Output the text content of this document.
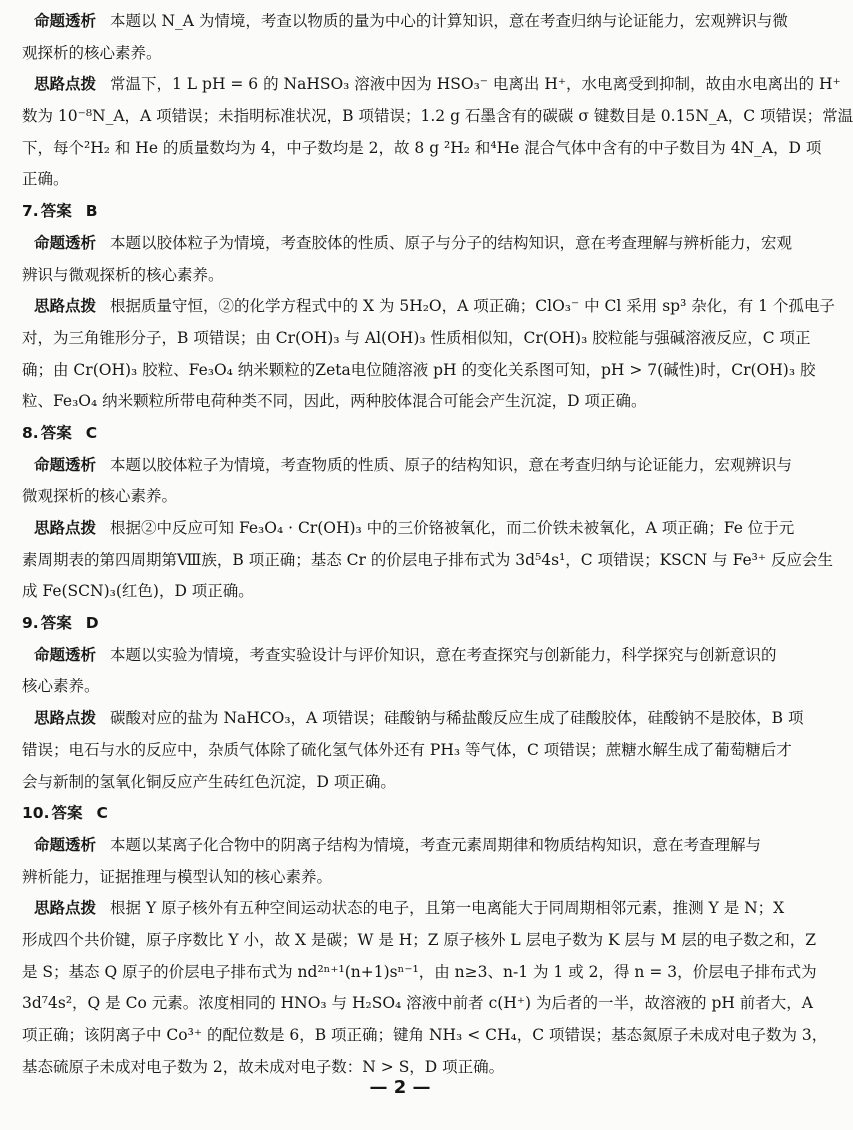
命题透析 本题以 N_A 为情境，考查以物质的量为中心的计算知识，意在考查归纳与论证能力，宏观辨识与微
观探析的核心素养。
思路点拨 常温下，1 L pH = 6 的 NaHSO₃ 溶液中因为 HSO₃⁻ 电离出 H⁺，水电离受到抑制，故由水电离出的 H⁺
数为 10⁻⁸N_A，A 项错误；未指明标准状况，B 项错误；1.2 g 石墨含有的碳碳 σ 键数目是 0.15N_A，C 项错误；常温
下，每个²H₂ 和 He 的质量数均为 4，中子数均是 2，故 8 g ²H₂ 和⁴He 混合气体中含有的中子数目为 4N_A，D 项
正确。
7. 答案 B
命题透析 本题以胶体粒子为情境，考查胶体的性质、原子与分子的结构知识，意在考查理解与辨析能力，宏观
辨识与微观探析的核心素养。
思路点拨 根据质量守恒，②的化学方程式中的 X 为 5H₂O，A 项正确；ClO₃⁻ 中 Cl 采用 sp³ 杂化，有 1 个孤电子
对，为三角锥形分子，B 项错误；由 Cr(OH)₃ 与 Al(OH)₃ 性质相似知，Cr(OH)₃ 胶粒能与强碱溶液反应，C 项正
确；由 Cr(OH)₃ 胶粒、Fe₃O₄ 纳米颗粒的Zeta电位随溶液 pH 的变化关系图可知，pH > 7(碱性)时，Cr(OH)₃ 胶
粒、Fe₃O₄ 纳米颗粒所带电荷种类不同，因此，两种胶体混合可能会产生沉淀，D 项正确。
8. 答案 C
命题透析 本题以胶体粒子为情境，考查物质的性质、原子的结构知识，意在考查归纳与论证能力，宏观辨识与
微观探析的核心素养。
思路点拨 根据②中反应可知 Fe₃O₄ · Cr(OH)₃ 中的三价铬被氧化，而二价铁未被氧化，A 项正确；Fe 位于元
素周期表的第四周期第Ⅷ族，B 项正确；基态 Cr 的价层电子排布式为 3d⁵4s¹，C 项错误；KSCN 与 Fe³⁺ 反应会生
成 Fe(SCN)₃(红色)，D 项正确。
9. 答案 D
命题透析 本题以实验为情境，考查实验设计与评价知识，意在考查探究与创新能力，科学探究与创新意识的
核心素养。
思路点拨 碳酸对应的盐为 NaHCO₃，A 项错误；硅酸钠与稀盐酸反应生成了硅酸胶体，硅酸钠不是胶体，B 项
错误；电石与水的反应中，杂质气体除了硫化氢气体外还有 PH₃ 等气体，C 项错误；蔗糖水解生成了葡萄糖后才
会与新制的氢氧化铜反应产生砖红色沉淀，D 项正确。
10. 答案 C
命题透析 本题以某离子化合物中的阴离子结构为情境，考查元素周期律和物质结构知识，意在考查理解与
辨析能力，证据推理与模型认知的核心素养。
思路点拨 根据 Y 原子核外有五种空间运动状态的电子，且第一电离能大于同周期相邻元素，推测 Y 是 N；X
形成四个共价键，原子序数比 Y 小，故 X 是碳；W 是 H；Z 原子核外 L 层电子数为 K 层与 M 层的电子数之和，Z
是 S；基态 Q 原子的价层电子排布式为 nd²ⁿ⁺¹(n+1)sⁿ⁻¹，由 n≥3、n-1 为 1 或 2，得 n = 3，价层电子排布式为
3d⁷4s²，Q 是 Co 元素。浓度相同的 HNO₃ 与 H₂SO₄ 溶液中前者 c(H⁺) 为后者的一半，故溶液的 pH 前者大，A
项正确；该阴离子中 Co³⁺ 的配位数是 6，B 项正确；键角 NH₃ < CH₄，C 项错误；基态氮原子未成对电子数为 3，
基态硫原子未成对电子数为 2，故未成对电子数：N > S，D 项正确。
— 2 —
